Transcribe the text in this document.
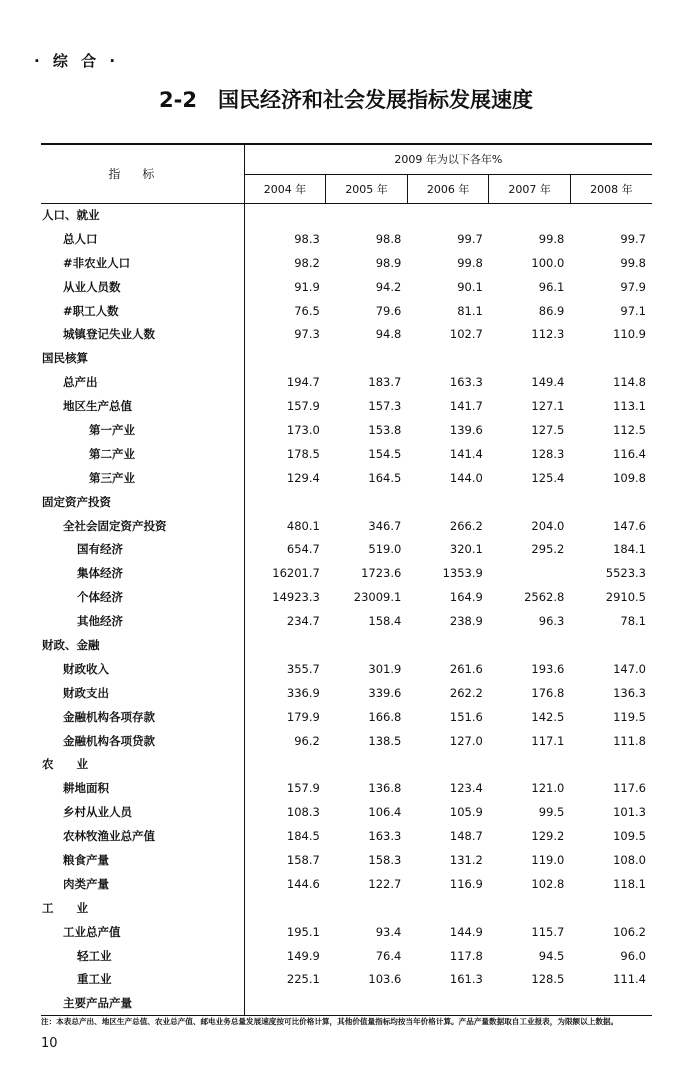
· 综 合 ·
2-2　国民经济和社会发展指标发展速度
指标	2009 年为以下各年%				
	2004 年	2005 年	2006 年	2007 年	2008 年
人口、就业					
总人口	98.3	98.8	99.7	99.8	99.7
#非农业人口	98.2	98.9	99.8	100.0	99.8
从业人员数	91.9	94.2	90.1	96.1	97.9
#职工人数	76.5	79.6	81.1	86.9	97.1
城镇登记失业人数	97.3	94.8	102.7	112.3	110.9
国民核算					
总产出	194.7	183.7	163.3	149.4	114.8
地区生产总值	157.9	157.3	141.7	127.1	113.1
第一产业	173.0	153.8	139.6	127.5	112.5
第二产业	178.5	154.5	141.4	128.3	116.4
第三产业	129.4	164.5	144.0	125.4	109.8
固定资产投资					
全社会固定资产投资	480.1	346.7	266.2	204.0	147.6
国有经济	654.7	519.0	320.1	295.2	184.1
集体经济	16201.7	1723.6	1353.9		5523.3
个体经济	14923.3	23009.1	164.9	2562.8	2910.5
其他经济	234.7	158.4	238.9	96.3	78.1
财政、金融					
财政收入	355.7	301.9	261.6	193.6	147.0
财政支出	336.9	339.6	262.2	176.8	136.3
金融机构各项存款	179.9	166.8	151.6	142.5	119.5
金融机构各项贷款	96.2	138.5	127.0	117.1	111.8
农　　业					
耕地面积	157.9	136.8	123.4	121.0	117.6
乡村从业人员	108.3	106.4	105.9	99.5	101.3
农林牧渔业总产值	184.5	163.3	148.7	129.2	109.5
粮食产量	158.7	158.3	131.2	119.0	108.0
肉类产量	144.6	122.7	116.9	102.8	118.1
工　　业					
工业总产值	195.1	93.4	144.9	115.7	106.2
轻工业	149.9	76.4	117.8	94.5	96.0
重工业	225.1	103.6	161.3	128.5	111.4
主要产品产量					
注：本表总产出、地区生产总值、农业总产值、邮电业务总量发展速度按可比价格计算，其他价值量指标均按当年价格计算。产品产量数据取自工业报表，为限额以上数据。
10
